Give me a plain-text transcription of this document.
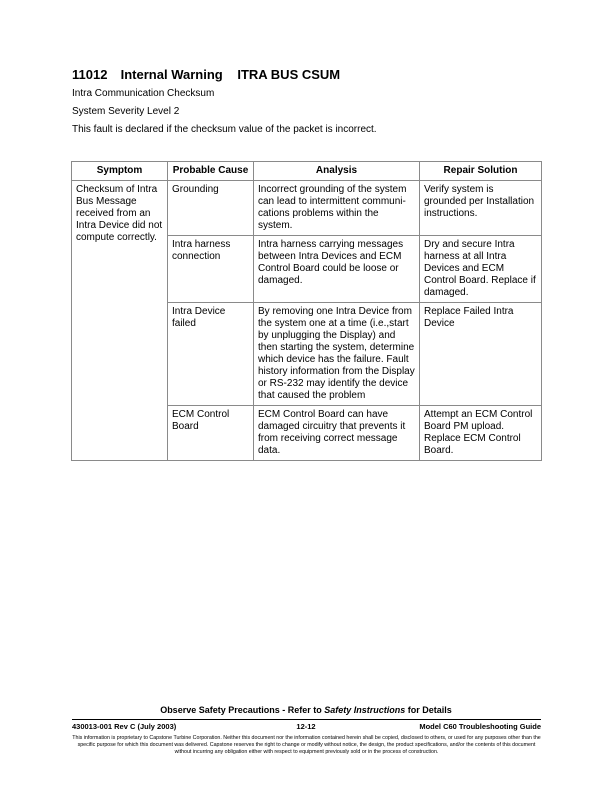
11012 Internal Warning ITRA BUS CSUM
Intra Communication Checksum
System Severity Level 2
This fault is declared if the checksum value of the packet is incorrect.
Symptom	Probable Cause	Analysis	Repair Solution
Checksum of Intra Bus Message received from an Intra Device did not compute correctly.	Grounding	Incorrect grounding of the system can lead to intermittent communi-cations problems within the system.	Verify system is grounded per Installation instructions.
	Intra harness connection	Intra harness carrying messages between Intra Devices and ECM Control Board could be loose or damaged.	Dry and secure Intra harness at all Intra Devices and ECM Control Board. Replace if damaged.
	Intra Device failed	By removing one Intra Device from the system one at a time (i.e.,start by unplugging the Display) and then starting the system, determine which device has the failure. Fault history information from the Display or RS-232 may identify the device that caused the problem	Replace Failed Intra Device
	ECM Control Board	ECM Control Board can have damaged circuitry that prevents it from receiving correct message data.	Attempt an ECM Control Board PM upload. Replace ECM Control Board.
Observe Safety Precautions - Refer to Safety Instructions for Details
12-12
430013-001 Rev C (July 2003)	Model C60 Troubleshooting Guide
This information is proprietary to Capstone Turbine Corporation. Neither this document nor the information contained herein shall be copied, disclosed to others, or used for any purposes other than the specific purpose for which this document was delivered. Capstone reserves the right to change or modify without notice, the design, the product specifications, and/or the contents of this document without incurring any obligation either with respect to equipment previously sold or in the process of construction.
